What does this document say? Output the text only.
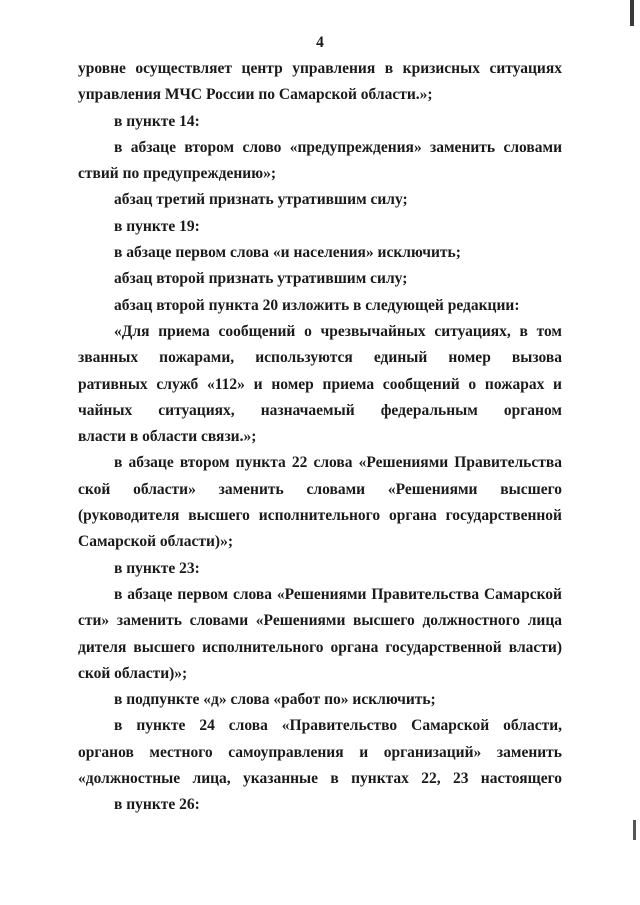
4
уровне осуществляет центр управления в кризисных ситуациях
управления МЧС России по Самарской области.»;
в пункте 14:
в абзаце втором слово «предупреждения» заменить словами
ствий по предупреждению»;
абзац третий признать утратившим силу;
в пункте 19:
в абзаце первом слова «и населения» исключить;
абзац второй признать утратившим силу;
абзац второй пункта 20 изложить в следующей редакции:
«Для приема сообщений о чрезвычайных ситуациях, в том
званных пожарами, используются единый номер вызова
ративных служб «112» и номер приема сообщений о пожарах и
чайных ситуациях, назначаемый федеральным органом
власти в области связи.»;
в абзаце втором пункта 22 слова «Решениями Правительства
ской области» заменить словами «Решениями высшего
(руководителя высшего исполнительного органа государственной
Самарской области)»;
в пункте 23:
в абзаце первом слова «Решениями Правительства Самарской
сти» заменить словами «Решениями высшего должностного лица
дителя высшего исполнительного органа государственной власти)
ской области)»;
в подпункте «д» слова «работ по» исключить;
в пункте 24 слова «Правительство Самарской области,
органов местного самоуправления и организаций» заменить
«должностные лица, указанные в пунктах 22, 23 настоящего
в пункте 26:
